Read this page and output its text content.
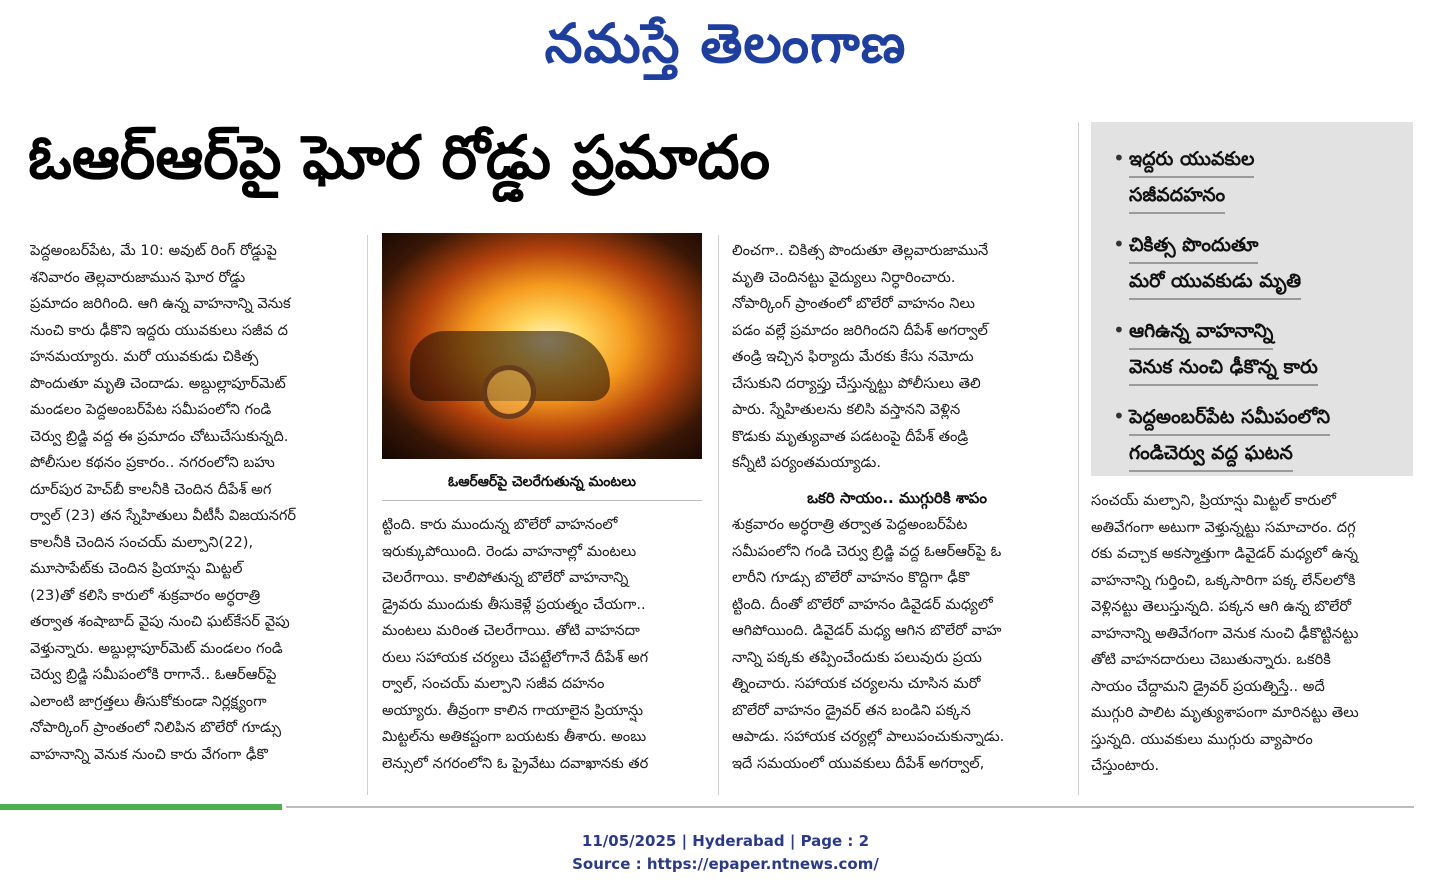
నమస్తే తెలంగాణ
ఓఆర్‌ఆర్‌పై ఘోర రోడ్డు ప్రమాదం	• ఇద్దరు యువకుల
సజీవదహనం
• చికిత్స పొందుతూ
మరో యువకుడు మృతి
• ఆగిఉన్న వాహనాన్ని
వెనుక నుంచి ఢీకొన్న కారు
• పెద్దఅంబర్‌పేట సమీపంలోని
గండిచెర్వు వద్ద ఘటన

పెద్దఅంబర్‌పేట, మే 10: అవుట్ రింగ్ రోడ్డుపై

శనివారం తెల్లవారుజామున ఘోర రోడ్డు

ప్రమాదం జరిగింది. ఆగి ఉన్న వాహనాన్ని వెనుక

నుంచి కారు ఢీకొని ఇద్దరు యువకులు సజీవ ద

హనమయ్యారు. మరో యువకుడు చికిత్స

పొందుతూ మృతి చెందాడు. అబ్దుల్లాపూర్‌మెట్

మండలం పెద్దఅంబర్‌పేట సమీపంలోని గండి

చెర్వు బ్రిడ్జి వద్ద ఈ ప్రమాదం చోటుచేసుకున్నది.

పోలీసుల కథనం ప్రకారం.. నగరంలోని బహు

దూర్‌పుర హెచ్‌బీ కాలనీకి చెందిన దీపేశ్ అగ

ర్వాల్ (23) తన స్నేహితులు వీటీసీ విజయనగర్

కాలనీకి చెందిన సంచయ్ మల్పాని(22),

మూసాపేట్‌కు చెందిన ప్రియాన్షు మిట్టల్

(23)తో కలిసి కారులో శుక్రవారం అర్ధరాత్రి

తర్వాత శంషాబాద్ వైపు నుంచి ఘట్‌కేసర్ వైపు

వెళ్తున్నారు. అబ్దుల్లాపూర్‌మెట్ మండలం గండి

చెర్వు బ్రిడ్జి సమీపంలోకి రాగానే.. ఓఆర్‌ఆర్‌పై

ఎలాంటి జాగ్రత్తలు తీసుకోకుండా నిర్లక్ష్యంగా

నోపార్కింగ్ ప్రాంతంలో నిలిపిన బొలేరో గూడ్సు

వాహనాన్ని వెనుక నుంచి కారు వేగంగా ఢీకొ

ఓఆర్‌ఆర్‌పై చెలరేగుతున్న మంటలు

ట్టింది. కారు ముందున్న బొలేరో వాహనంలో

ఇరుక్కుపోయింది. రెండు వాహనాల్లో మంటలు

చెలరేగాయి. కాలిపోతున్న బొలేరో వాహనాన్ని

డ్రైవరు ముందుకు తీసుకెళ్లే ప్రయత్నం చేయగా..

మంటలు మరింత చెలరేగాయి. తోటి వాహనదా

రులు సహాయక చర్యలు చేపట్టేలోగానే దీపేశ్ అగ

ర్వాల్, సంచయ్ మల్పాని సజీవ దహనం

అయ్యారు. తీవ్రంగా కాలిన గాయాలైన ప్రియాన్షు

మిట్టల్‌ను అతికష్టంగా బయటకు తీశారు. అంబు

లెన్సులో నగరంలోని ఓ ప్రైవేటు దవాఖానకు తర

లించగా.. చికిత్స పొందుతూ తెల్లవారుజామునే

మృతి చెందినట్టు వైద్యులు నిర్ధారించారు.

నోపార్కింగ్ ప్రాంతంలో బొలేరో వాహనం నిలు

పడం వల్లే ప్రమాదం జరిగిందని దీపేశ్ అగర్వాల్

తండ్రి ఇచ్చిన ఫిర్యాదు మేరకు కేసు నమోదు

చేసుకుని దర్యాప్తు చేస్తున్నట్టు పోలీసులు తెలి

పారు. స్నేహితులను కలిసి వస్తానని వెళ్లిన

కొడుకు మృత్యువాత పడటంపై దీపేశ్ తండ్రి

కన్నీటి పర్యంతమయ్యాడు.

ఒకరి సాయం.. ముగ్గురికి శాపం

శుక్రవారం అర్ధరాత్రి తర్వాత పెద్దఅంబర్‌పేట

సమీపంలోని గండి చెర్వు బ్రిడ్జి వద్ద ఓఆర్‌ఆర్‌పై ఓ

లారీని గూడ్సు బొలేరో వాహనం కొద్దిగా ఢీకొ

ట్టింది. దీంతో బొలేరో వాహనం డివైడర్ మధ్యలో

ఆగిపోయింది. డివైడర్ మధ్య ఆగిన బొలేరో వాహ

నాన్ని పక్కకు తప్పించేందుకు పలువురు ప్రయ

త్నించారు. సహాయక చర్యలను చూసిన మరో

బొలేరో వాహనం డ్రైవర్ తన బండిని పక్కన

ఆపాడు. సహాయక చర్యల్లో పాలుపంచుకున్నాడు.

ఇదే సమయంలో యువకులు దీపేశ్ అగర్వాల్,

సంచయ్ మల్పాని, ప్రియాన్షు మిట్టల్ కారులో

అతివేగంగా అటుగా వెళ్తున్నట్టు సమాచారం. దగ్గ

రకు వచ్చాక అకస్మాత్తుగా డివైడర్ మధ్యలో ఉన్న

వాహనాన్ని గుర్తించి, ఒక్కసారిగా పక్క లేన్‌లలోకి

వెళ్లినట్టు తెలుస్తున్నది. పక్కన ఆగి ఉన్న బొలేరో

వాహనాన్ని అతివేగంగా వెనుక నుంచి ఢీకొట్టినట్టు

తోటి వాహనదారులు చెబుతున్నారు. ఒకరికి

సాయం చేద్దామని డ్రైవర్ ప్రయత్నిస్తే.. అదే

ముగ్గురి పాలిట మృత్యుశాపంగా మారినట్టు తెలు

స్తున్నది. యువకులు ముగ్గురు వ్యాపారం

చేస్తుంటారు.

11/05/2025 | Hyderabad | Page : 2
Source : https://epaper.ntnews.com/
